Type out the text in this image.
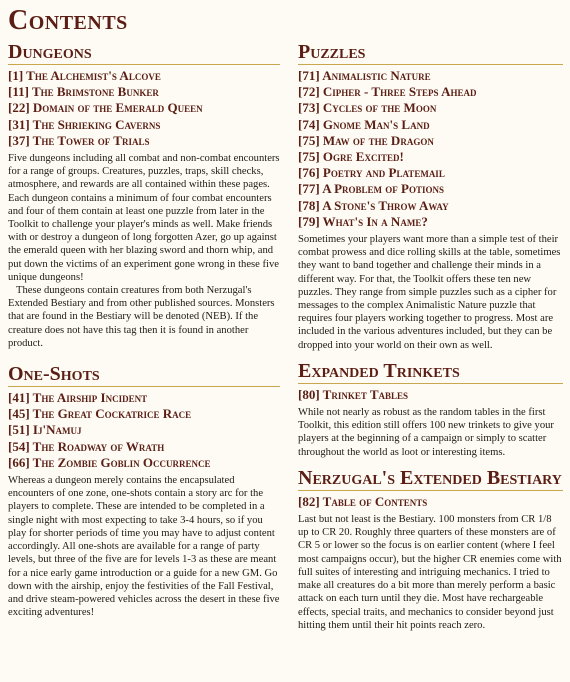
Contents
Dungeons
[1] The Alchemist's Alcove
[11] The Brimstone Bunker
[22] Domain of the Emerald Queen
[31] The Shrieking Caverns
[37] The Tower of Trials

Five dungeons including all combat and non-combat encounters for a range of groups. Creatures, puzzles, traps, skill checks, atmosphere, and rewards are all contained within these pages. Each dungeon contains a minimum of four combat encounters and four of them contain at least one puzzle from later in the Toolkit to challenge your player's minds as well. Make friends with or destroy a dungeon of long forgotten Azer, go up against the emerald queen with her blazing sword and thorn whip, and put down the victims of an experiment gone wrong in these five unique dungeons!

These dungeons contain creatures from both Nerzugal's Extended Bestiary and from other published sources. Monsters that are found in the Bestiary will be denoted (NEB). If the creature does not have this tag then it is found in another product.

One-Shots
[41] The Airship Incident
[45] The Great Cockatrice Race
[51] Ij'Namuj
[54] The Roadway of Wrath
[66] The Zombie Goblin Occurrence

Whereas a dungeon merely contains the encapsulated encounters of one zone, one-shots contain a story arc for the players to complete. These are intended to be completed in a single night with most expecting to take 3-4 hours, so if you play for shorter periods of time you may have to adjust content accordingly. All one-shots are available for a range of party levels, but three of the five are for levels 1-3 as these are meant for a nice early game introduction or a guide for a new GM. Go down with the airship, enjoy the festivities of the Fall Festival, and drive steam-powered vehicles across the desert in these five exciting adventures!

Puzzles
[71] Animalistic Nature
[72] Cipher - Three Steps Ahead
[73] Cycles of the Moon
[74] Gnome Man's Land
[75] Maw of the Dragon
[75] Ogre Excited!
[76] Poetry and Platemail
[77] A Problem of Potions
[78] A Stone's Throw Away
[79] What's In a Name?

Sometimes your players want more than a simple test of their combat prowess and dice rolling skills at the table, sometimes they want to band together and challenge their minds in a different way. For that, the Toolkit offers these ten new puzzles. They range from simple puzzles such as a cipher for messages to the complex Animalistic Nature puzzle that requires four players working together to progress. Most are included in the various adventures included, but they can be dropped into your world on their own as well.

Expanded Trinkets
[80] Trinket Tables

While not nearly as robust as the random tables in the first Toolkit, this edition still offers 100 new trinkets to give your players at the beginning of a campaign or simply to scatter throughout the world as loot or interesting items.

Nerzugal's Extended Bestiary
[82] Table of Contents

Last but not least is the Bestiary. 100 monsters from CR 1/8 up to CR 20. Roughly three quarters of these monsters are of CR 5 or lower so the focus is on earlier content (where I feel most campaigns occur), but the higher CR enemies come with full suites of interesting and intriguing mechanics. I tried to make all creatures do a bit more than merely perform a basic attack on each turn until they die. Most have rechargeable effects, special traits, and mechanics to consider beyond just hitting them until their hit points reach zero.
